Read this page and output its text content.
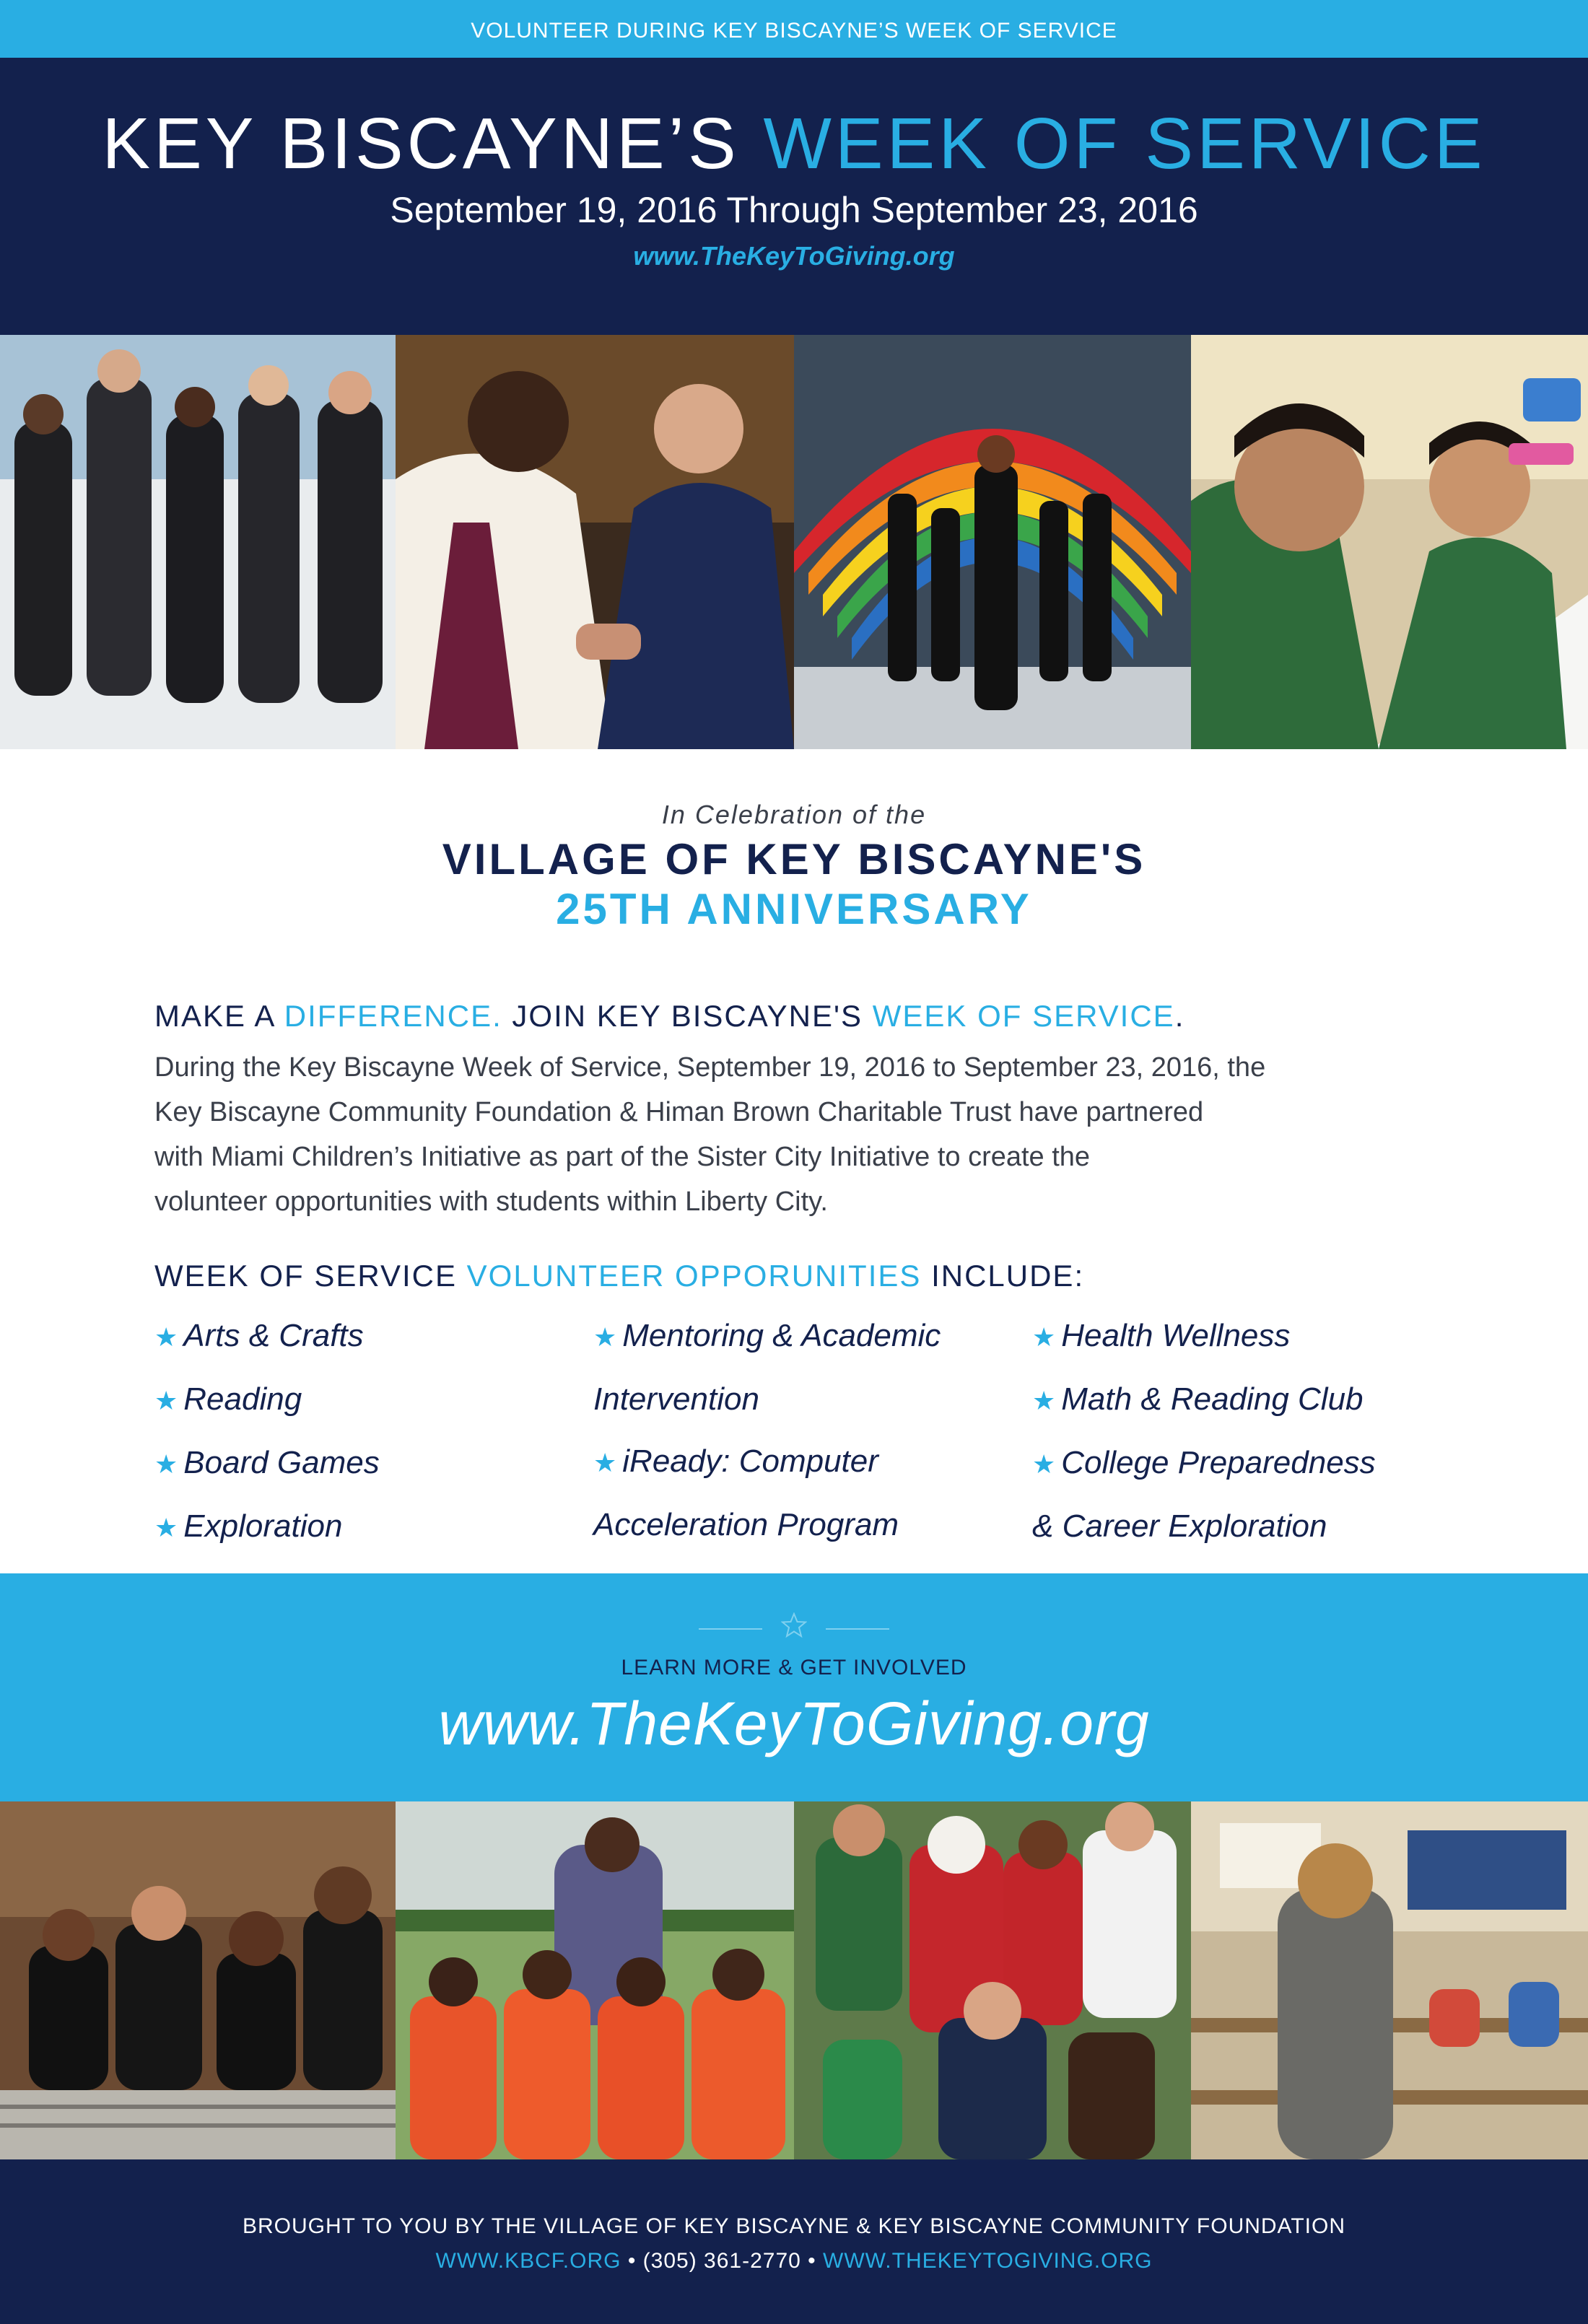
VOLUNTEER DURING KEY BISCAYNE’S WEEK OF SERVICE
KEY BISCAYNE’S WEEK OF SERVICE
September 19, 2016 Through September 23, 2016
www.TheKeyToGiving.org
In Celebration of the
VILLAGE OF KEY BISCAYNE'S
25TH ANNIVERSARY
MAKE A DIFFERENCE. JOIN KEY BISCAYNE'S WEEK OF SERVICE.
During the Key Biscayne Week of Service, September 19, 2016 to September 23, 2016, the
Key Biscayne Community Foundation & Himan Brown Charitable Trust have partnered
with Miami Children’s Initiative as part of the Sister City Initiative to create the
volunteer opportunities with students within Liberty City.
WEEK OF SERVICE VOLUNTEER OPPORUNITIES INCLUDE:
★ Arts & Crafts
★ Reading
★ Board Games
★ Exploration
★ Mentoring & Academic
Intervention
★ iReady: Computer
Acceleration Program
★ Health Wellness
★ Math & Reading Club
★ College Preparedness
& Career Exploration
LEARN MORE & GET INVOLVED
www.TheKeyToGiving.org
BROUGHT TO YOU BY THE VILLAGE OF KEY BISCAYNE & KEY BISCAYNE COMMUNITY FOUNDATION
WWW.KBCF.ORG • (305) 361-2770 • WWW.THEKEYTOGIVING.ORG
